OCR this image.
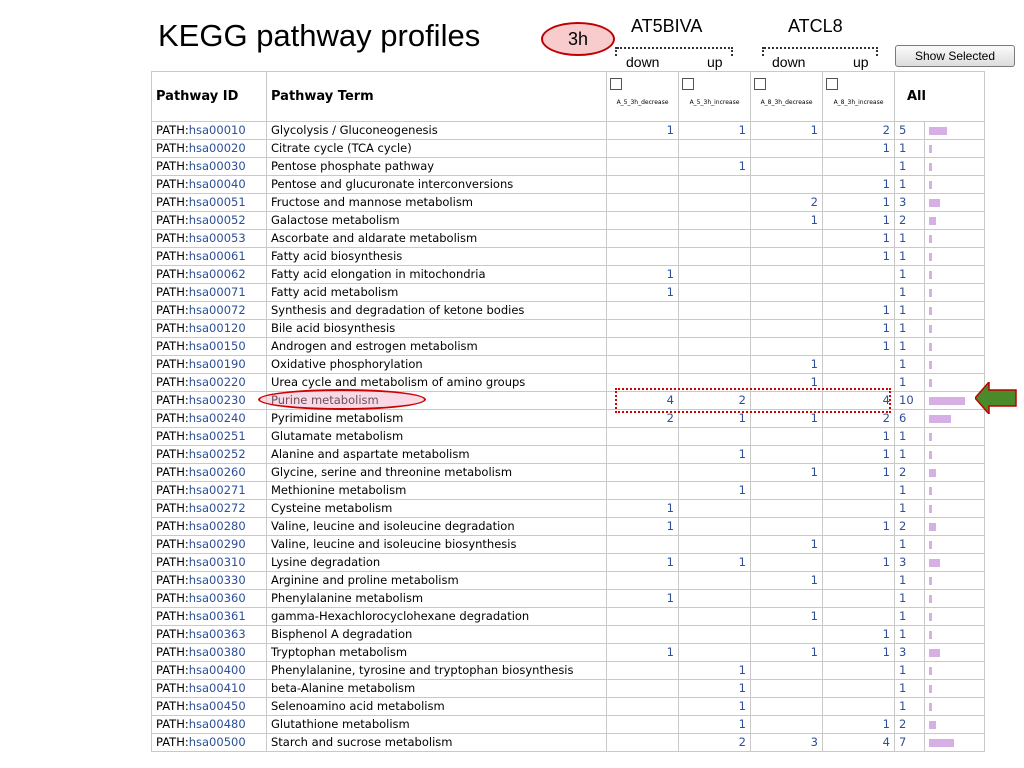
KEGG pathway profiles	3h
AT5BIVA	ATCL8
down	up	down	up	Show Selected
Pathway ID	Pathway Term	A_5_3h_decrease	A_5_3h_increase	A_8_3h_decrease	A_8_3h_increase	All	
PATH:hsa00010	Glycolysis / Gluconeogenesis	1	1	1	2	5	
PATH:hsa00020	Citrate cycle (TCA cycle)				1	1	
PATH:hsa00030	Pentose phosphate pathway		1			1	
PATH:hsa00040	Pentose and glucuronate interconversions				1	1	
PATH:hsa00051	Fructose and mannose metabolism			2	1	3	
PATH:hsa00052	Galactose metabolism			1	1	2	
PATH:hsa00053	Ascorbate and aldarate metabolism				1	1	
PATH:hsa00061	Fatty acid biosynthesis				1	1	
PATH:hsa00062	Fatty acid elongation in mitochondria	1				1	
PATH:hsa00071	Fatty acid metabolism	1				1	
PATH:hsa00072	Synthesis and degradation of ketone bodies				1	1	
PATH:hsa00120	Bile acid biosynthesis				1	1	
PATH:hsa00150	Androgen and estrogen metabolism				1	1	
PATH:hsa00190	Oxidative phosphorylation			1		1	
PATH:hsa00220	Urea cycle and metabolism of amino groups			1		1	
PATH:hsa00230	Purine metabolism	4	2		4	10	
PATH:hsa00240	Pyrimidine metabolism	2	1	1	2	6	
PATH:hsa00251	Glutamate metabolism				1	1	
PATH:hsa00252	Alanine and aspartate metabolism		1		1	1	
PATH:hsa00260	Glycine, serine and threonine metabolism			1	1	2	
PATH:hsa00271	Methionine metabolism		1			1	
PATH:hsa00272	Cysteine metabolism	1				1	
PATH:hsa00280	Valine, leucine and isoleucine degradation	1			1	2	
PATH:hsa00290	Valine, leucine and isoleucine biosynthesis			1		1	
PATH:hsa00310	Lysine degradation	1	1		1	3	
PATH:hsa00330	Arginine and proline metabolism			1		1	
PATH:hsa00360	Phenylalanine metabolism	1				1	
PATH:hsa00361	gamma-Hexachlorocyclohexane degradation			1		1	
PATH:hsa00363	Bisphenol A degradation				1	1	
PATH:hsa00380	Tryptophan metabolism	1		1	1	3	
PATH:hsa00400	Phenylalanine, tyrosine and tryptophan biosynthesis		1			1	
PATH:hsa00410	beta-Alanine metabolism		1			1	
PATH:hsa00450	Selenoamino acid metabolism		1			1	
PATH:hsa00480	Glutathione metabolism		1		1	2	
PATH:hsa00500	Starch and sucrose metabolism		2	3	4	7	
